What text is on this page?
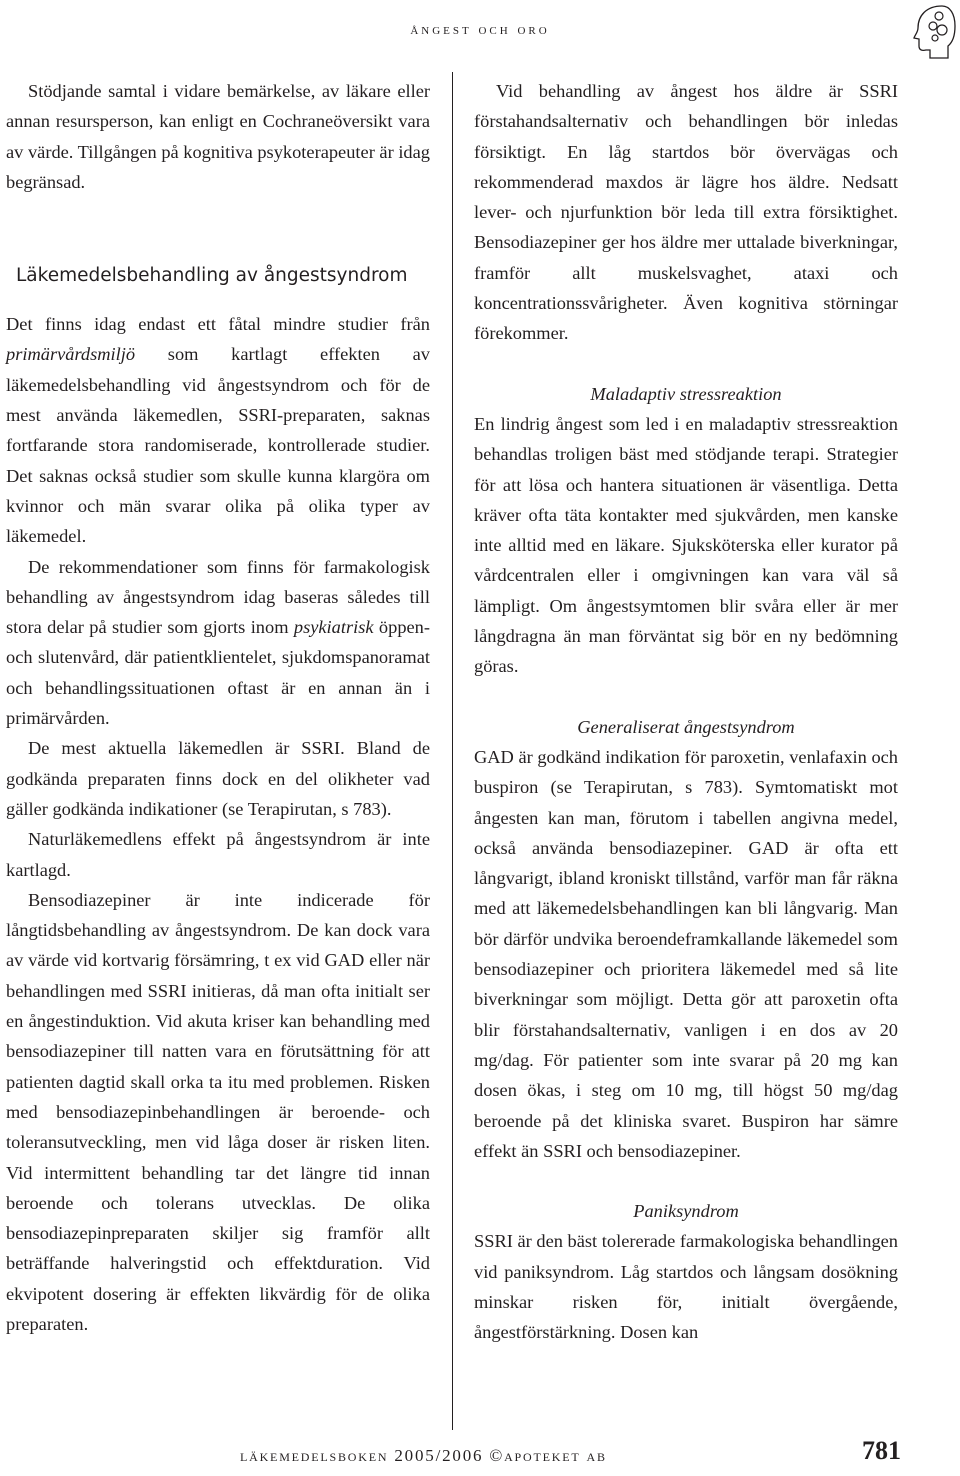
ångest och oro

Stödjande samtal i vidare bemärkelse, av läkare eller annan resursperson, kan enligt en Cochraneöversikt vara av värde. Tillgången på kognitiva psykoterapeuter är idag begränsad.

Läkemedelsbehandling av ångestsyndrom

Det finns idag endast ett fåtal mindre studier från primärvårdsmiljö som kartlagt effekten av läkemedelsbehandling vid ångestsyndrom och för de mest använda läkemedlen, SSRI-preparaten, saknas fortfarande stora randomiserade, kontrollerade studier. Det saknas också studier som skulle kunna klargöra om kvinnor och män svarar olika på olika typer av läkemedel.

De rekommendationer som finns för farmakologisk behandling av ångestsyndrom idag baseras således till stora delar på studier som gjorts inom psykiatrisk öppen- och slutenvård, där patientklientelet, sjukdomspanoramat och behandlingssituationen oftast är en annan än i primärvården.

De mest aktuella läkemedlen är SSRI. Bland de godkända preparaten finns dock en del olikheter vad gäller godkända indikationer (se Terapirutan, s 783).

Naturläkemedlens effekt på ångestsyndrom är inte kartlagd.

Bensodiazepiner är inte indicerade för långtidsbehandling av ångestsyndrom. De kan dock vara av värde vid kortvarig försämring, t ex vid GAD eller när behandlingen med SSRI initieras, då man ofta initialt ser en ångestinduktion. Vid akuta kriser kan behandling med bensodiazepiner till natten vara en förutsättning för att patienten dagtid skall orka ta itu med problemen. Risken med bensodiazepinbehandlingen är beroende- och toleransutveckling, men vid låga doser är risken liten. Vid intermittent behandling tar det längre tid innan beroende och tolerans utvecklas. De olika bensodiazepinpreparaten skiljer sig framför allt beträffande halveringstid och effektduration. Vid ekvipotent dosering är effekten likvärdig för de olika preparaten.

Vid behandling av ångest hos äldre är SSRI förstahandsalternativ och behandlingen bör inledas försiktigt. En låg startdos bör övervägas och rekommenderad maxdos är lägre hos äldre. Nedsatt lever- och njurfunktion bör leda till extra försiktighet. Bensodiazepiner ger hos äldre mer uttalade biverkningar, framför allt muskelsvaghet, ataxi och koncentrationssvårigheter. Även kognitiva störningar förekommer.

Maladaptiv stressreaktion

En lindrig ångest som led i en maladaptiv stressreaktion behandlas troligen bäst med stödjande terapi. Strategier för att lösa och hantera situationen är väsentliga. Detta kräver ofta täta kontakter med sjukvården, men kanske inte alltid med en läkare. Sjuksköterska eller kurator på vårdcentralen eller i omgivningen kan vara väl så lämpligt. Om ångestsymtomen blir svåra eller är mer långdragna än man förväntat sig bör en ny bedömning göras.

Generaliserat ångestsyndrom

GAD är godkänd indikation för paroxetin, venlafaxin och buspiron (se Terapirutan, s 783). Symtomatiskt mot ångesten kan man, förutom i tabellen angivna medel, också använda bensodiazepiner. GAD är ofta ett långvarigt, ibland kroniskt tillstånd, varför man får räkna med att läkemedelsbehandlingen kan bli långvarig. Man bör därför undvika beroendeframkallande läkemedel som bensodiazepiner och prioritera läkemedel med så lite biverkningar som möjligt. Detta gör att paroxetin ofta blir förstahandsalternativ, vanligen i en dos av 20 mg/dag. För patienter som inte svarar på 20 mg kan dosen ökas, i steg om 10 mg, till högst 50 mg/dag beroende på det kliniska svaret. Buspiron har sämre effekt än SSRI och bensodiazepiner.

Paniksyndrom

SSRI är den bäst tolererade farmakologiska behandlingen vid paniksyndrom. Låg startdos och långsam dosökning minskar risken för, initialt övergående, ångestförstärkning. Dosen kan

läkemedelsboken 2005/2006 ©apoteket ab	781
